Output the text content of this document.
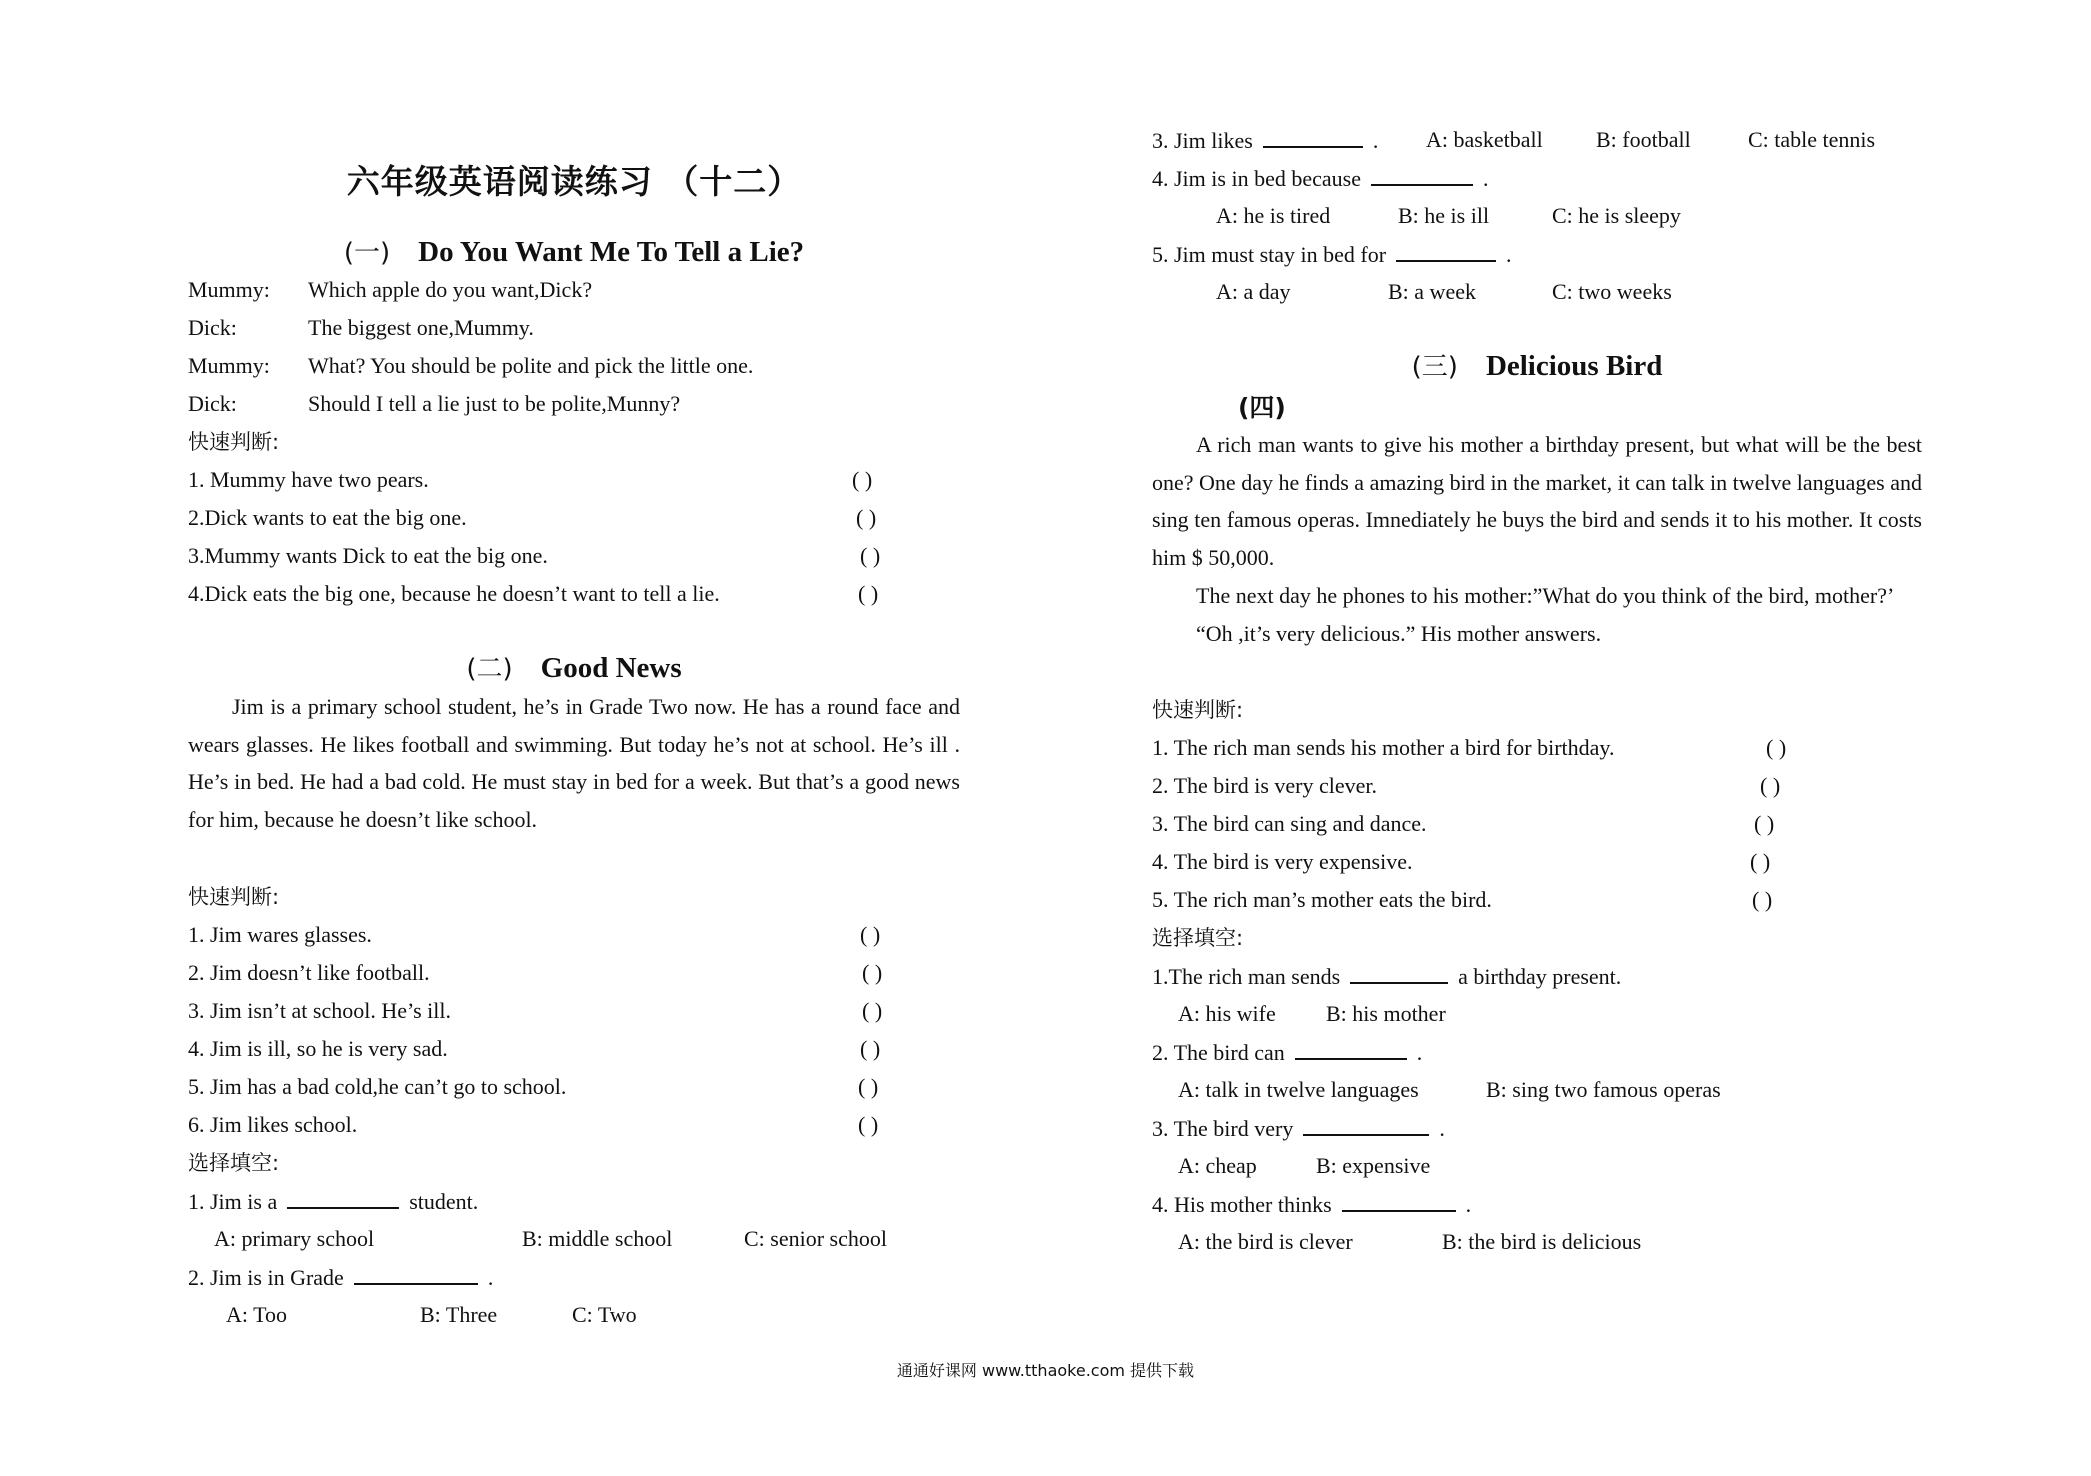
六年级英语阅读练习 （十二）
(一) Do You Want Me To Tell a Lie?
Mummy: Which apple do you want,Dick?
Dick:	The biggest one,Mummy.
Mummy: What? You should be polite and pick the little one.
Dick:	Should I tell a lie just to be polite,Munny?
快速判断:
1. Mummy have two pears.	( )
2.Dick wants to eat the big one.	( )
3.Mummy wants Dick to eat the big one.	( )
4.Dick eats the big one, because he doesn’t want to tell a lie.	( )
(二) Good News

Jim is a primary school student, he’s in Grade Two now. He has a round face and wears glasses. He likes football and swimming. But today he’s not at school. He’s ill . He’s in bed. He had a bad cold. He must stay in bed for a week. But that’s a good news for him, because he doesn’t like school.

快速判断:
1. Jim wares glasses.	( )
2. Jim doesn’t like football.	( )
3. Jim isn’t at school. He’s ill.	( )
4. Jim is ill, so he is very sad.	( )
5. Jim has a bad cold,he can’t go to school.	( )
6. Jim likes school.	( )
选择填空:
1. Jim is a	student.
A: primary school	B: middle school	C: senior school
2. Jim is in Grade	.
A: Too	B: Three	C: Two
3. Jim likes	. A: basketball B: football	C: table tennis
4. Jim is in bed because	.
A: he is tired	B: he is ill	C: he is sleepy
5. Jim must stay in bed for	.
A: a day	B: a week	C: two weeks
(三) Delicious Bird
(四)

A rich man wants to give his mother a birthday present, but what will be the best one? One day he finds a amazing bird in the market, it can talk in twelve languages and sing ten famous operas. Imnediately he buys the bird and sends it to his mother. It costs him $ 50,000.

The next day he phones to his mother:”What do you think of the bird, mother?’

“Oh ,it’s very delicious.” His mother answers.

快速判断:
1. The rich man sends his mother a bird for birthday.	( )
2. The bird is very clever.	( )
3. The bird can sing and dance.	( )
4. The bird is very expensive.	( )
5. The rich man’s mother eats the bird.	( )
选择填空:
1.The rich man sends	a birthday present.
A: his wife B: his mother
2. The bird can	.
A: talk in twelve languages	B: sing two famous operas
3. The bird very	.
A: cheap	B: expensive
4. His mother thinks	.
A: the bird is clever	B: the bird is delicious
通通好课网 www.tthaoke.com 提供下载
